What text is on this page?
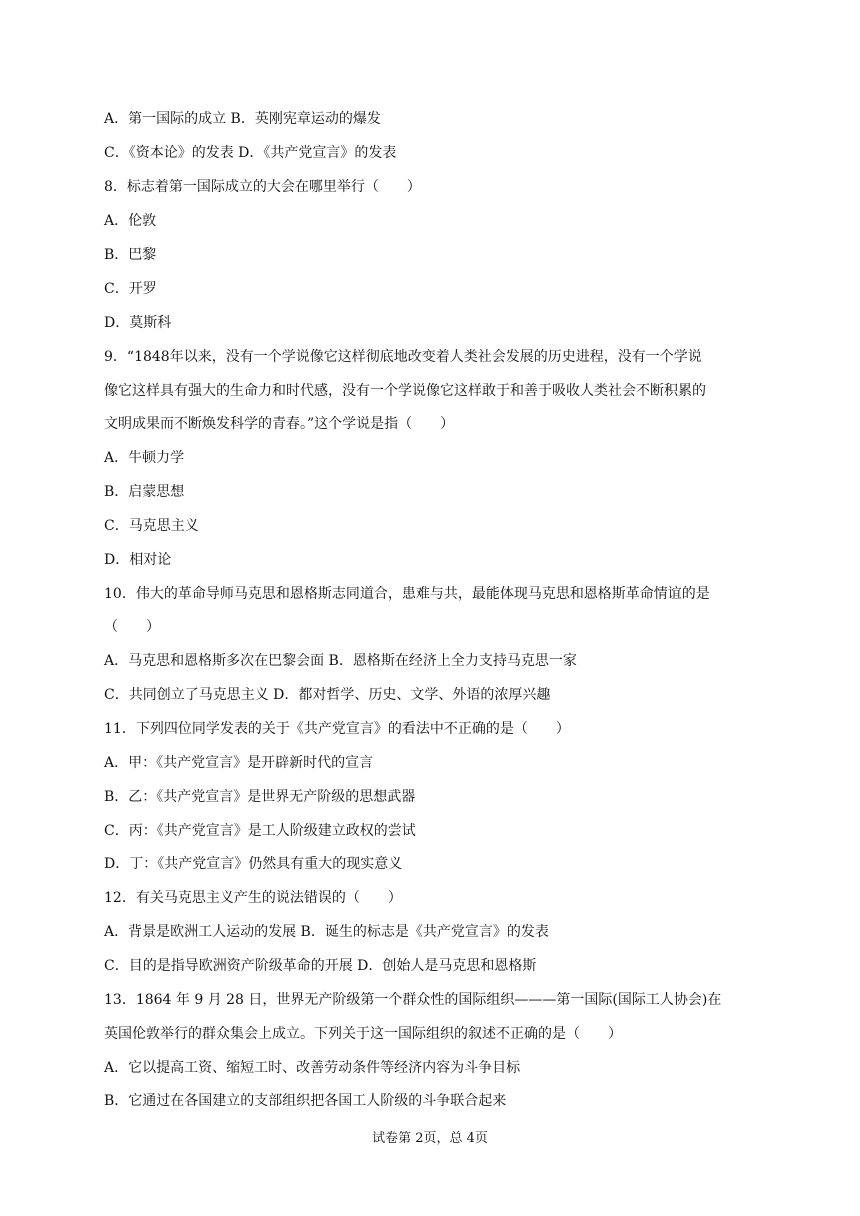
A．第一国际的成立 B．英刚宪章运动的爆发
C．《资本论》的发表 D．《共产党宣言》的发表
8．标志着第一国际成立的大会在哪里举行（　　）
A．伦敦
B．巴黎
C．开罗
D．莫斯科
9．“1848年以来，没有一个学说像它这样彻底地改变着人类社会发展的历史进程，没有一个学说
像它这样具有强大的生命力和时代感，没有一个学说像它这样敢于和善于吸收人类社会不断积累的
文明成果而不断焕发科学的青春。”这个学说是指（　　）
A．牛顿力学
B．启蒙思想
C．马克思主义
D．相对论
10．伟大的革命导师马克思和恩格斯志同道合，患难与共，最能体现马克思和恩格斯革命情谊的是
（　　）
A．马克思和恩格斯多次在巴黎会面 B．恩格斯在经济上全力支持马克思一家
C．共同创立了马克思主义 D．都对哲学、历史、文学、外语的浓厚兴趣
11．下列四位同学发表的关于《共产党宣言》的看法中不正确的是（　　）
A．甲：《共产党宣言》是开辟新时代的宣言
B．乙：《共产党宣言》是世界无产阶级的思想武器
C．丙：《共产党宣言》是工人阶级建立政权的尝试
D．丁：《共产党宣言》仍然具有重大的现实意义
12．有关马克思主义产生的说法错误的（　　）
A．背景是欧洲工人运动的发展 B．诞生的标志是《共产党宣言》的发表
C．目的是指导欧洲资产阶级革命的开展 D．创始人是马克思和恩格斯
13．1864 年 9 月 28 日，世界无产阶级第一个群众性的国际组织———第一国际(国际工人协会)在
英国伦敦举行的群众集会上成立。下列关于这一国际组织的叙述不正确的是（　　）
A．它以提高工资、缩短工时、改善劳动条件等经济内容为斗争目标
B．它通过在各国建立的支部组织把各国工人阶级的斗争联合起来
试卷第 2页，总 4页
